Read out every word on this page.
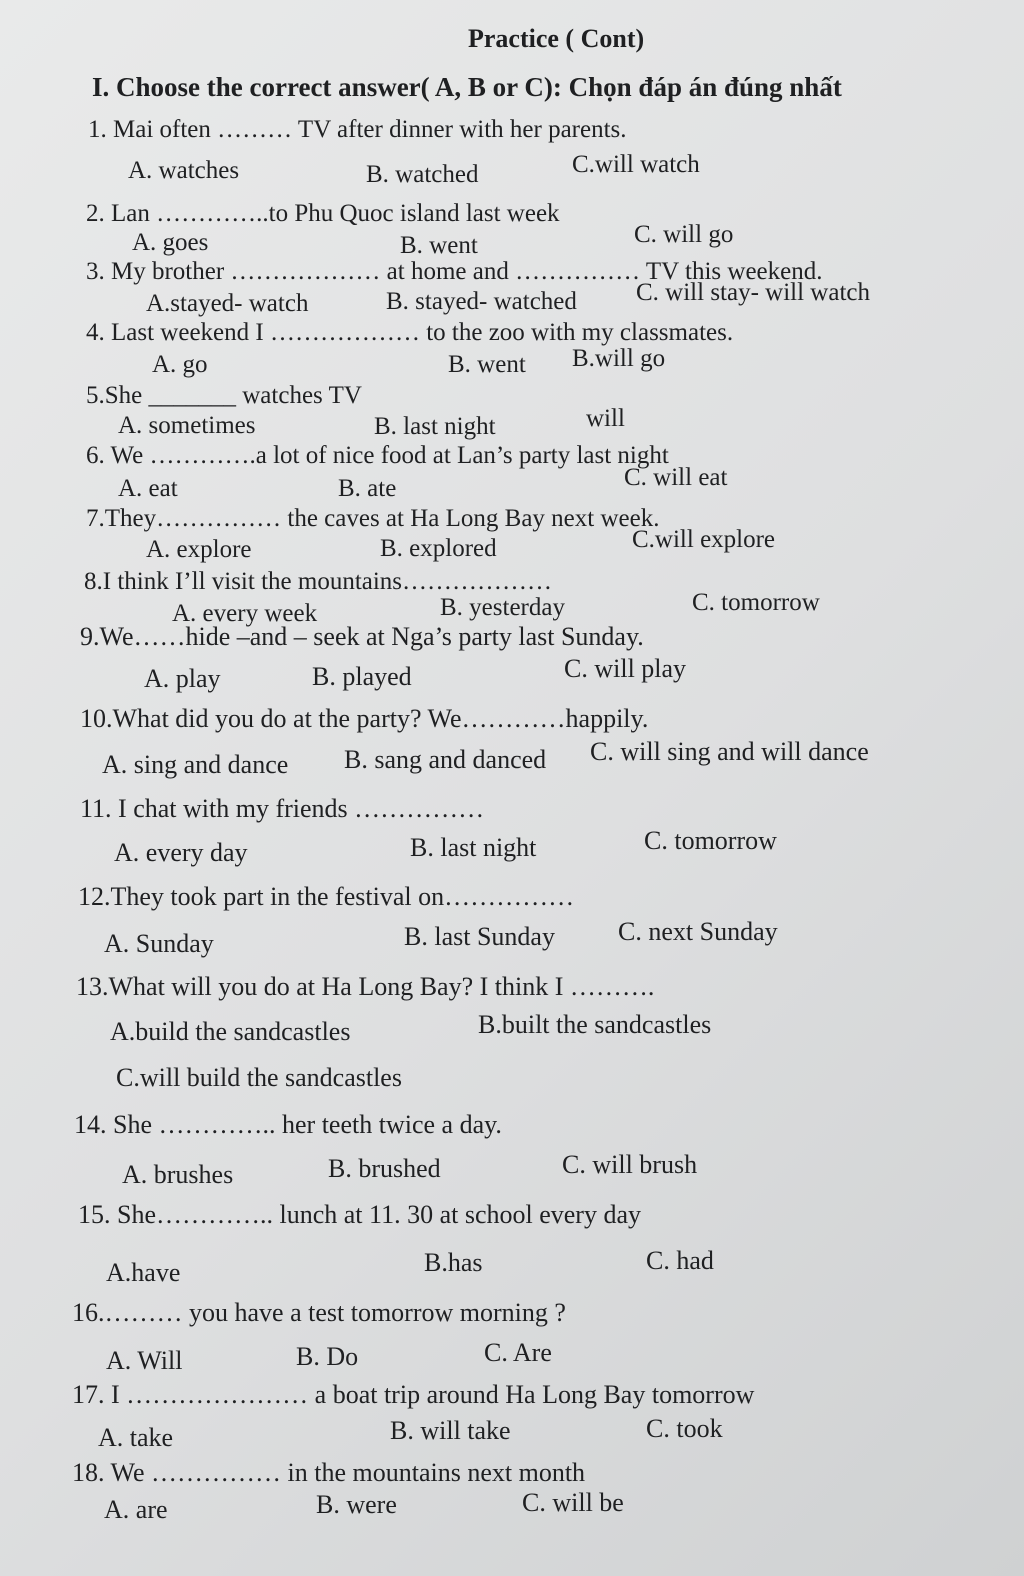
Practice ( Cont)
I. Choose the correct answer( A, B or C): Chọn đáp án đúng nhất
1. Mai often ……… TV after dinner with her parents.
A. watches	B. watched	C.will watch
2. Lan …………..to Phu Quoc island last week
A. goes	B. went	C. will go
3. My brother ……………… at home and …………… TV this weekend.
A.stayed- watch	B. stayed- watched C. will stay- will watch
4. Last weekend I ……………… to the zoo with my classmates.
A. go	B. went B.will go
5.She _______ watches TV
A. sometimes	B. last night	will
6. We ………….a lot of nice food at Lan’s party last night
A. eat	B. ate	C. will eat
7.They…………… the caves at Ha Long Bay next week.
A. explore	B. explored	C.will explore
8.I think I’ll visit the mountains………………
A. every week	B. yesterday	C. tomorrow
9.We……hide –and – seek at Nga’s party last Sunday.
A. play	B. played	C. will play
10.What did you do at the party? We…………happily.
A. sing and dance B. sang and danced C. will sing and will dance
11. I chat with my friends ……………
A. every day	B. last night	C. tomorrow
12.They took part in the festival on……………
A. Sunday	B. last Sunday C. next Sunday
13.What will you do at Ha Long Bay? I think I ……….
A.build the sandcastles	B.built the sandcastles
C.will build the sandcastles
14. She ………….. her teeth twice a day.
A. brushes	B. brushed	C. will brush
15. She………….. lunch at 11. 30 at school every day
A.have	B.has	C. had
16.……… you have a test tomorrow morning ?
A. Will	B. Do	C. Are
17. I ………………… a boat trip around Ha Long Bay tomorrow
A. take	B. will take	C. took
18. We …………… in the mountains next month
A. are	B. were	C. will be
